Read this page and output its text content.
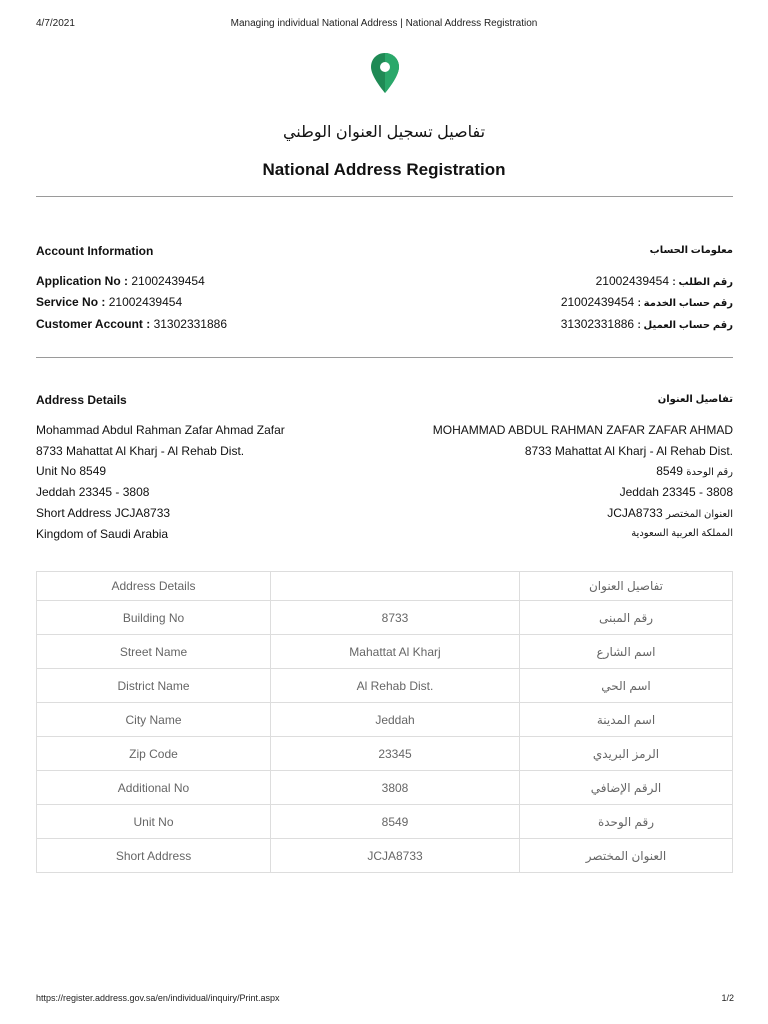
4/7/2021	Managing individual National Address | National Address Registration
تفاصيل تسجيل العنوان الوطني
National Address Registration
Account Information	معلومات الحساب
Application No : 21002439454	رقم الطلب : 21002439454
Service No : 21002439454	رقم حساب الخدمة : 21002439454
Customer Account : 31302331886	رقم حساب العميل : 31302331886
Address Details	تفاصيل العنوان
Mohammad Abdul Rahman Zafar Ahmad Zafar	MOHAMMAD ABDUL RAHMAN ZAFAR ZAFAR AHMAD
8733 Mahattat Al Kharj - Al Rehab Dist.	8733 Mahattat Al Kharj - Al Rehab Dist.
Unit No 8549	رقم الوحدة 8549
Jeddah 23345 - 3808	Jeddah 23345 - 3808
Short Address JCJA8733	العنوان المختصر JCJA8733
Kingdom of Saudi Arabia	المملكة العربية السعودية
Address Details		تفاصيل العنوان
Building No	8733	رقم المبنى
Street Name	Mahattat Al Kharj	اسم الشارع
District Name	Al Rehab Dist.	اسم الحي
City Name	Jeddah	اسم المدينة
Zip Code	23345	الرمز البريدي
Additional No	3808	الرقم الإضافي
Unit No	8549	رقم الوحدة
Short Address	JCJA8733	العنوان المختصر
https://register.address.gov.sa/en/individual/inquiry/Print.aspx	1/2
